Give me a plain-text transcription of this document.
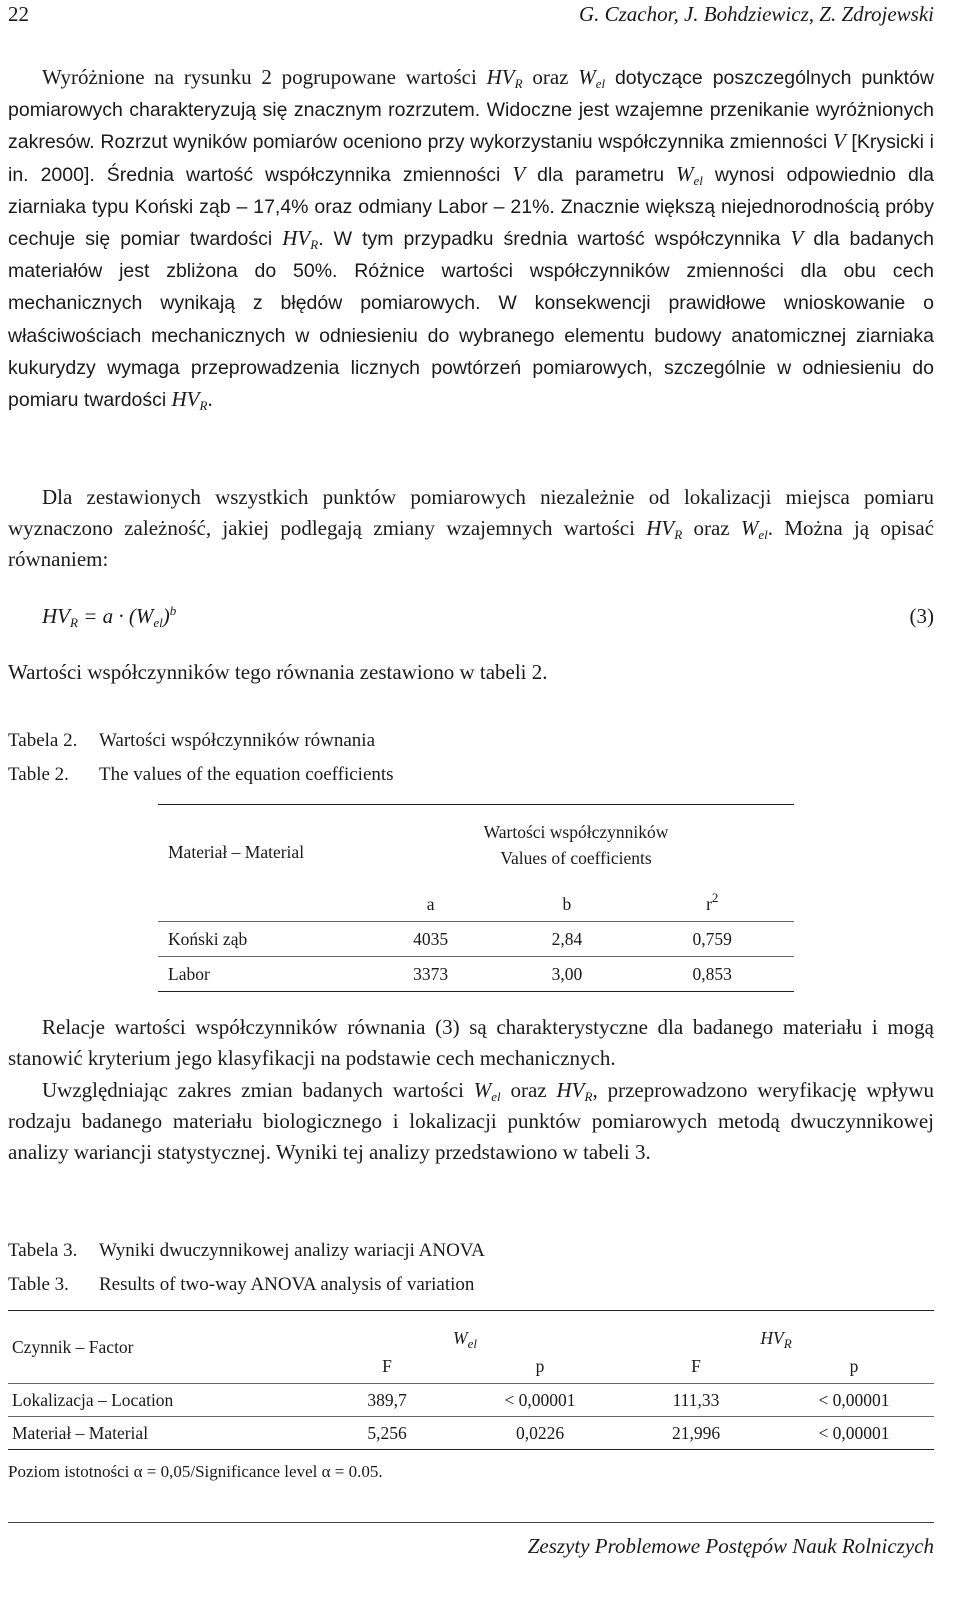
22	G. Czachor, J. Bohdziewicz, Z. Zdrojewski

Wyróżnione na rysunku 2 pogrupowane wartości $HV_R$ oraz $W_{el}$ dotyczące poszczególnych punktów pomiarowych charakteryzują się znacznym rozrzutem. Widoczne jest wzajemne przenikanie wyróżnionych zakresów. Rozrzut wyników pomiarów oceniono przy wykorzystaniu współczynnika zmienności V [Krysicki i in. 2000]. Średnia wartość współczynnika zmienności V dla parametru $W_{el}$ wynosi odpowiednio dla ziarniaka typu Koński ząb – 17,4% oraz odmiany Labor – 21%. Znacznie większą niejednorodnością próby cechuje się pomiar twardości $HV_R$. W tym przypadku średnia wartość współczynnika V dla badanych materiałów jest zbliżona do 50%. Różnice wartości współczynników zmienności dla obu cech mechanicznych wynikają z błędów pomiarowych. W konsekwencji prawidłowe wnioskowanie o właściwościach mechanicznych w odniesieniu do wybranego elementu budowy anatomicznej ziarniaka kukurydzy wymaga przeprowadzenia licznych powtórzeń pomiarowych, szczególnie w odniesieniu do pomiaru twardości $HV_R$.

Dla zestawionych wszystkich punktów pomiarowych niezależnie od lokalizacji miejsca pomiaru wyznaczono zależność, jakiej podlegają zmiany wzajemnych wartości $HV_R$ oraz $W_{el}$. Można ją opisać równaniem:

$HV_R = a \cdot (W_{el})^b$	(3)
Wartości współczynników tego równania zestawiono w tabeli 2.
Tabela 2. Wartości współczynników równania
Table 2. The values of the equation coefficients
Materiał – Material	Wartości współczynników
Values of coefficients		

	a	b	$r^2$
Koński ząb	4035	2,84	0,759
Labor	3373	3,00	0,853

Relacje wartości współczynników równania (3) są charakterystyczne dla badanego materiału i mogą stanowić kryterium jego klasyfikacji na podstawie cech mechanicznych.

Uwzględniając zakres zmian badanych wartości $W_{el}$ oraz $HV_R$, przeprowadzono weryfikację wpływu rodzaju badanego materiału biologicznego i lokalizacji punktów pomiarowych metodą dwuczynnikowej analizy wariancji statystycznej. Wyniki tej analizy przedstawiono w tabeli 3.

Tabela 3. Wyniki dwuczynnikowej analizy wariacji ANOVA
Table 3. Results of two-way ANOVA analysis of variation
Czynnik – Factor	$W_{el}$		$HV_R$
	F	p	F	p
Lokalizacja – Location	389,7	< 0,00001	111,33	< 0,00001
Materiał – Material	5,256	0,0226	21,996	< 0,00001
Poziom istotności α = 0,05/Significance level α = 0.05.
Zeszyty Problemowe Postępów Nauk Rolniczych
